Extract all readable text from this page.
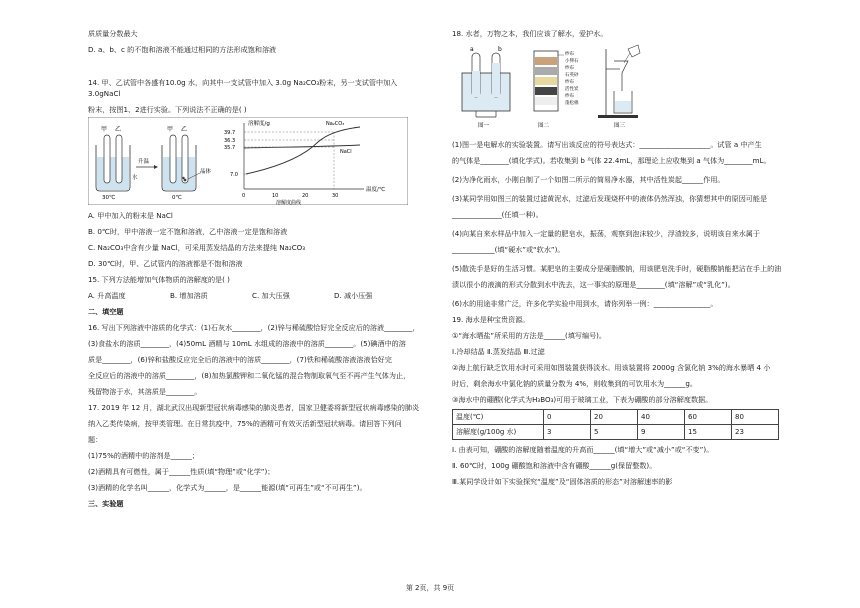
质质量分数最大

D. a、b、c 的不饱和溶液不能通过相同的方法形成饱和溶液

14. 甲、乙试管中各盛有10.0g 水，向其中一支试管中加入 3.0g Na₂CO₃粉末，另一支试管中加入 3.0gNaCl

粉末，按图1、2进行实验。下列说法不正确的是( )

甲 乙
30℃
升温
水
甲 乙
0℃
晶体
溶解度/g
温度/℃
39.7
36.3
35.7
7.0
0	10	20	30
溶解度曲线
Na₂CO₃
NaCl

A. 甲中加入的粉末是 NaCl

B. 0℃时，甲中溶液一定不饱和溶液，乙中溶液一定是饱和溶液

C. Na₂CO₃中含有少量 NaCl，可采用蒸发结晶的方法来提纯 Na₂CO₃

D. 30℃时，甲、乙试管内的溶液都是不饱和溶液

15. 下列方法能增加气体物质的溶解度的是( )

A. 升高温度	B. 增加溶质	C. 加大压强	D. 减小压强

二、填空题

16. 写出下列溶液中溶质的化学式：(1)石灰水________，(2)锌与稀硫酸恰好完全反应后的溶液________，

(3)食盐水的溶质________，(4)50mL 酒精与 10mL 水组成的溶液中的溶质________。(5)碘酒中的溶

质是________，(6)锌和盐酸反应完全后的溶液中的溶质________，(7)铁和稀硫酸溶液溶液恰好完

全反应后的溶液中的溶质________，(8)加热氯酸钾和二氧化锰的混合物制取氧气至不再产生气体为止，

残留物溶于水，其溶质是________。

17. 2019 年 12 月，湖北武汉出现新型冠状病毒感染的肺炎患者，国家卫健委将新型冠状病毒感染的肺炎

纳入乙类传染病，按甲类管理。在日常抗疫中，75%的酒精可有效灭活新型冠状病毒。请回答下列问

题：

(1)75%的酒精中的溶剂是______；

(2)酒精具有可燃性，属于______性质(填“物理”或“化学”)；

(3)酒精的化学名叫______，化学式为______，是______能源(填“可再生”或“不可再生”)。

三、实验题

18. 水者，万物之本，我们应该了解水，爱护水。

a	b
图一
纱布
小卵石
纱布
石英砂
纱布
活性炭
纱布
蓬松棉
图二	图三

(1)图一是电解水的实验装置。请写出该反应的符号表达式：____________________。试管 a 中产生

的气体是________(填化学式)。若收集到 b 气体 22.4mL，那理论上应收集到 a 气体为________mL。

(2)为净化雨水，小刚自制了一个如图二所示的简易净水器，其中活性炭起______作用。

(3)某同学用如图三的装置过滤黄泥水，过滤后发现烧杯中的液体仍然浑浊，你猜想其中的原因可能是

______________(任填一种)。

(4)向某自来水样品中加入一定量的肥皂水，振荡，观察到泡沫较少，浮渣较多，说明该自来水属于

____________(填“硬水”或“软水”)。

(5)散洗手是好的生活习惯。某肥皂的主要成分是硬脂酸钠，用该肥皂洗手时，硬脂酸钠能把沾在手上的油

渍以很小的液滴的形式分散到水中洗去，这一事实的原理是________(填“溶解”或“乳化”)。

(6)水的用途非常广泛，许多化学实验中用到水，请你列举一例：________________。

19. 海水是种宝贵资源。

①“海水晒盐”所采用的方法是______(填写编号)。

Ⅰ.冷却结晶 Ⅱ.蒸发结晶 Ⅲ.过滤

②海上航行缺乏饮用水时可采用如图装置获得淡水。用该装置将 2000g 含氯化钠 3%的海水暴晒 4 小

时后，剩余海水中氯化钠的质量分数为 4%，则收集到的可饮用水为______g。

③海水中的硼酸(化学式为H₃BO₃)可用于玻璃工业，下表为硼酸的部分溶解度数据。

温度(℃)	0	20	40	60	80
溶解度(g/100g 水)	3	5	9	15	23

Ⅰ. 由表可知，硼酸的溶解度随着温度的升高而______(填“增大”或“减小”或“不变”)。

Ⅱ. 60℃时，100g 硼酸饱和溶液中含有硼酸______g(保留整数)。

Ⅲ.某同学设计如下实验探究“温度”及“固体溶质的形态”对溶解速率的影

第 2页，共 9页
